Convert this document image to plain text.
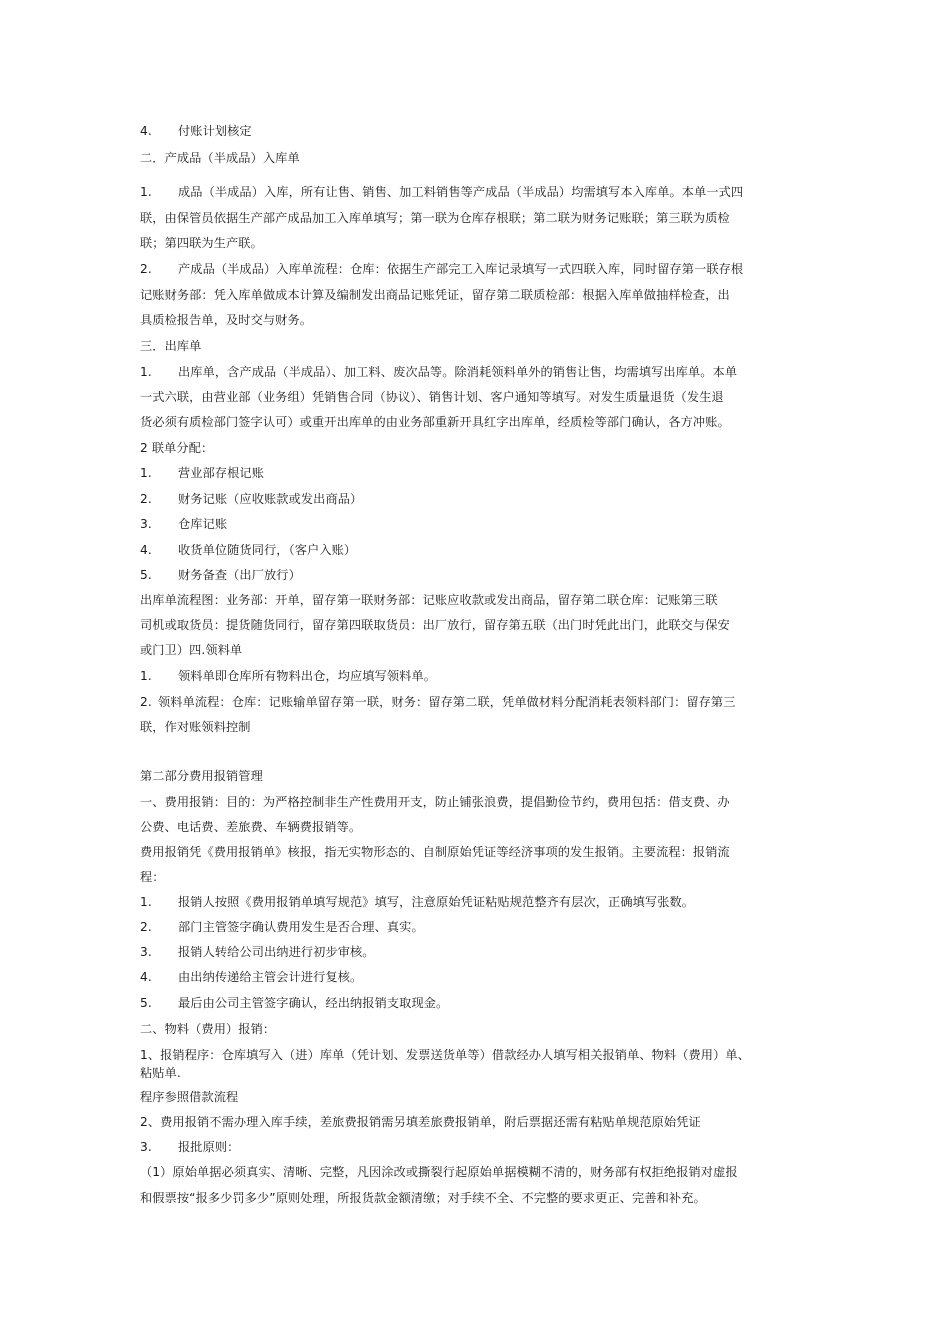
4. 付账计划核定
二．产成品（半成品）入库单
1. 成品（半成品）入库，所有让售、销售、加工料销售等产成品（半成品）均需填写本入库单。本单一式四
联，由保管员依据生产部产成品加工入库单填写；第一联为仓库存根联；第二联为财务记账联；第三联为质检
联；第四联为生产联。
2. 产成品（半成品）入库单流程：仓库：依据生产部完工入库记录填写一式四联入库，同时留存第一联存根
记账财务部：凭入库单做成本计算及编制发出商品记账凭证，留存第二联质检部：根据入库单做抽样检查，出
具质检报告单，及时交与财务。
三．出库单
1. 出库单，含产成品（半成品）、加工料、废次品等。除消耗领料单外的销售让售，均需填写出库单。本单
一式六联，由营业部（业务组）凭销售合同（协议）、销售计划、客户通知等填写。对发生质量退货（发生退
货必须有质检部门签字认可）或重开出库单的由业务部重新开具红字出库单，经质检等部门确认，各方冲账。
2 联单分配：
1. 营业部存根记账
2. 财务记账（应收账款或发出商品）
3. 仓库记账
4. 收货单位随货同行，（客户入账）
5. 财务备查（出厂放行）
出库单流程图：业务部：开单，留存第一联财务部：记账应收款或发出商品，留存第二联仓库：记账第三联
司机或取货员：提货随货同行，留存第四联取货员：出厂放行，留存第五联（出门时凭此出门，此联交与保安
或门卫）四.领料单
1. 领料单即仓库所有物料出仓，均应填写领料单。
2. 领料单流程：仓库：记账输单留存第一联，财务：留存第二联，凭单做材料分配消耗表领料部门：留存第三
联，作对账领料控制
第二部分费用报销管理
一、费用报销：目的：为严格控制非生产性费用开支，防止铺张浪费，提倡勤俭节约，费用包括：借支费、办
公费、电话费、差旅费、车辆费报销等。
费用报销凭《费用报销单》核报，指无实物形态的、自制原始凭证等经济事项的发生报销。主要流程：报销流
程：
1. 报销人按照《费用报销单填写规范》填写，注意原始凭证粘贴规范整齐有层次，正确填写张数。
2. 部门主管签字确认费用发生是否合理、真实。
3. 报销人转给公司出纳进行初步审核。
4. 由出纳传递给主管会计进行复核。
5. 最后由公司主管签字确认，经出纳报销支取现金。
二、物料（费用）报销：
1、报销程序：仓库填写入（进）库单（凭计划、发票送货单等）借款经办人填写相关报销单、物料（费用）单、
粘贴单.
程序参照借款流程
2、费用报销不需办理入库手续，差旅费报销需另填差旅费报销单，附后票据还需有粘贴单规范原始凭证
3. 报批原则：
（1）原始单据必须真实、清晰、完整，凡因涂改或撕裂行起原始单据模糊不清的，财务部有权拒绝报销对虚报
和假票按“报多少罚多少”原则处理，所报货款金额清缴；对手续不全、不完整的要求更正、完善和补充。
